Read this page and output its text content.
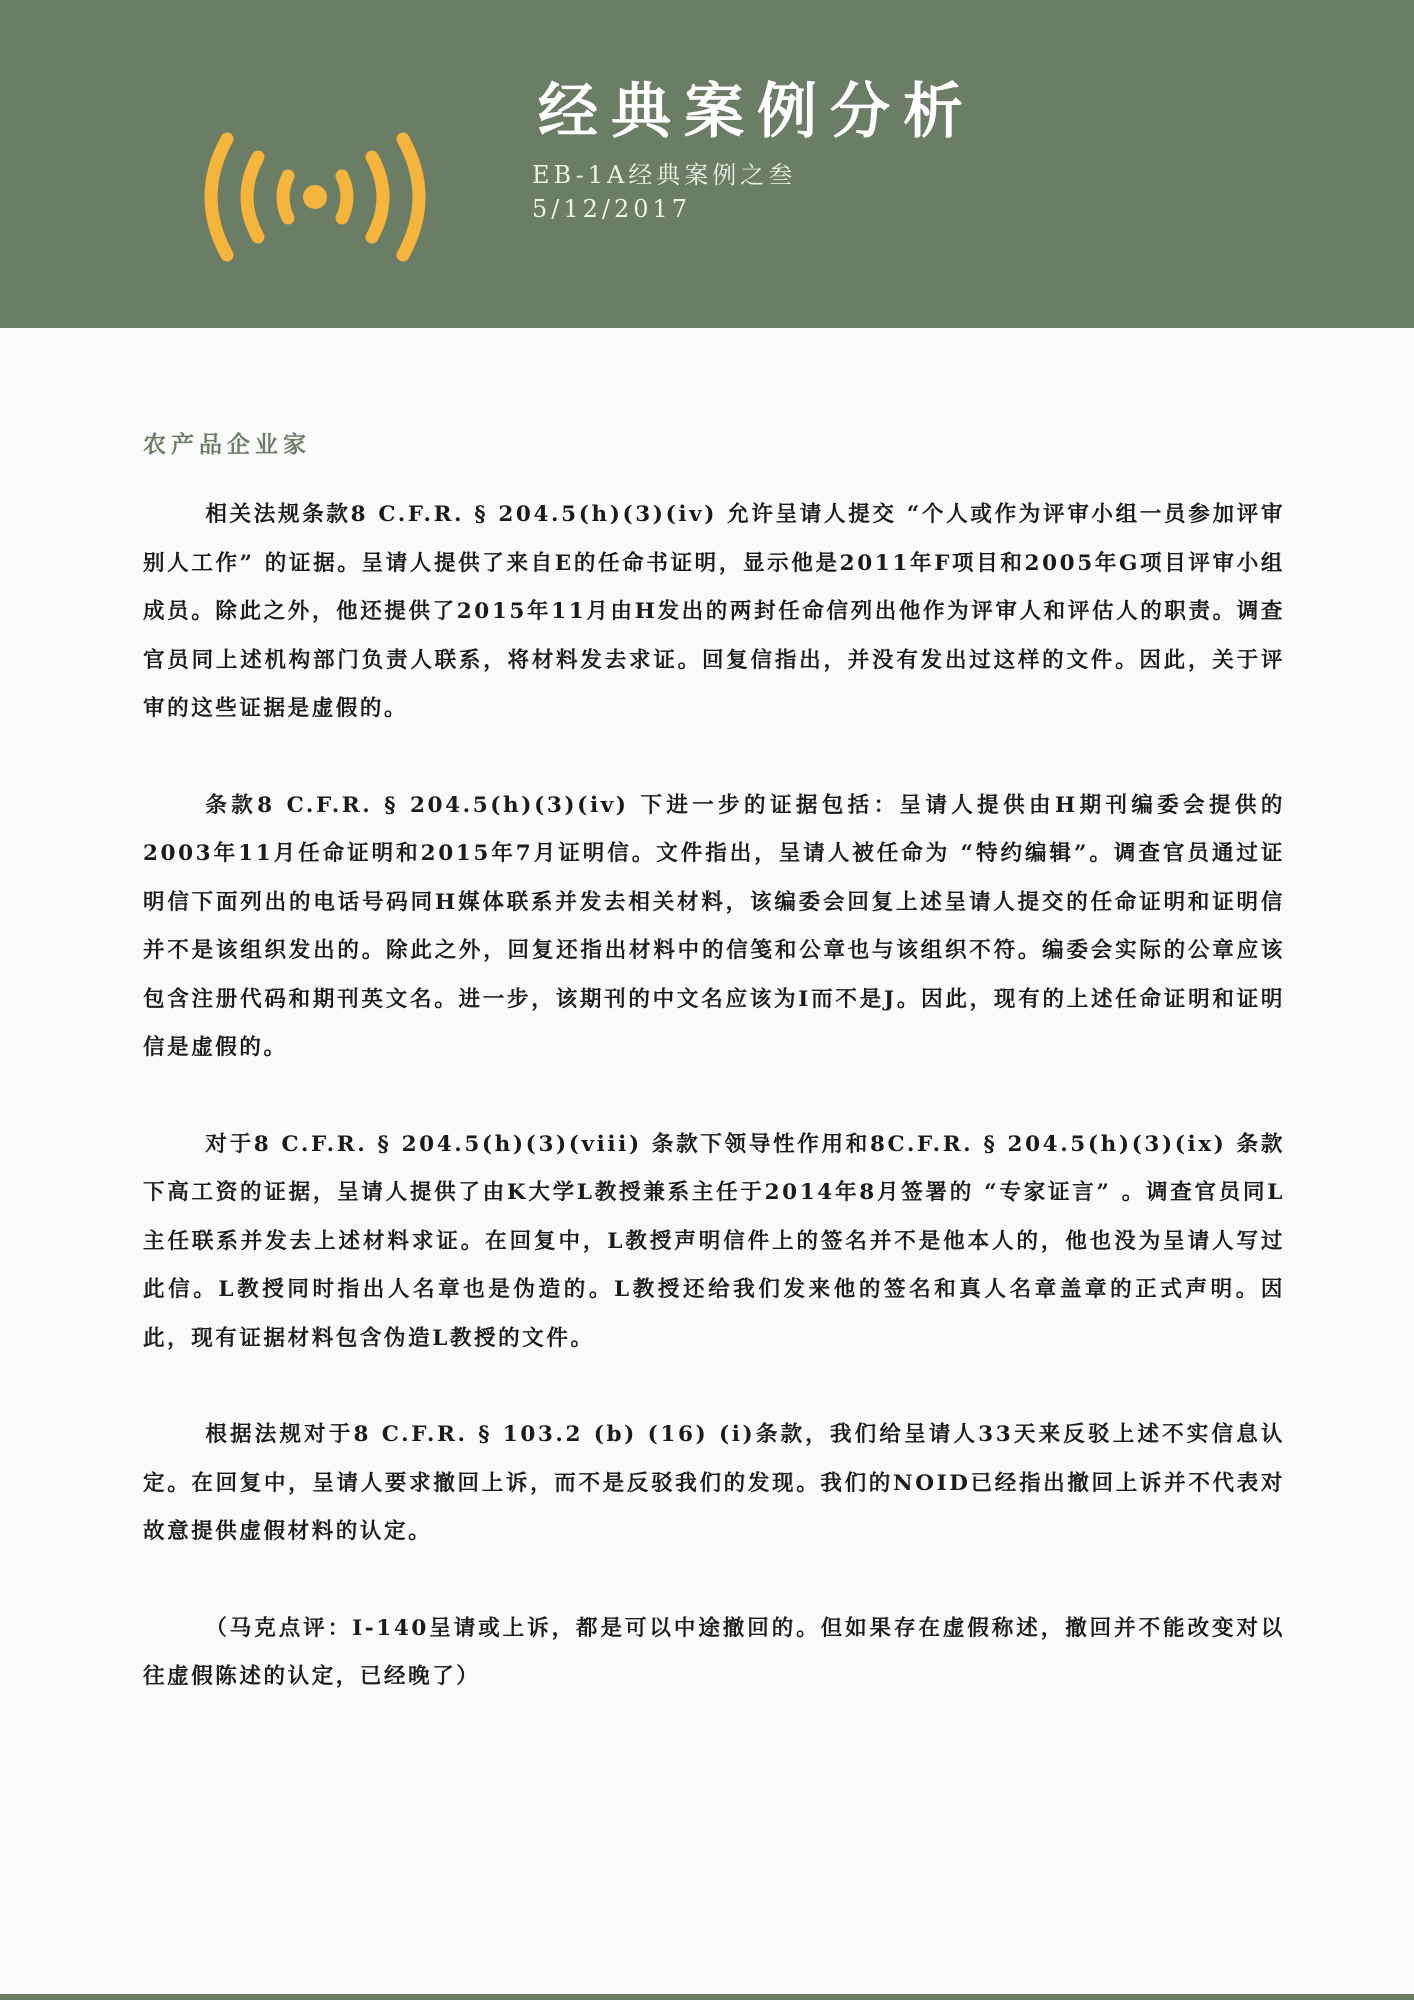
经典案例分析
EB-1A经典案例之叁
5/12/2017
农产品企业家

相关法规条款8 C.F.R. § 204.5(h)(3)(iv) 允许呈请人提交 “个人或作为评审小组一员参加评审别人工作” 的证据。呈请人提供了来自E的任命书证明，显示他是2011年F项目和2005年G项目评审小组成员。除此之外，他还提供了2015年11月由H发出的两封任命信列出他作为评审人和评估人的职责。调查官员同上述机构部门负责人联系，将材料发去求证。回复信指出，并没有发出过这样的文件。因此，关于评审的这些证据是虚假的。

条款8 C.F.R. § 204.5(h)(3)(iv) 下进一步的证据包括：呈请人提供由H期刊编委会提供的2003年11月任命证明和2015年7月证明信。文件指出，呈请人被任命为 “特约编辑”。调查官员通过证明信下面列出的电话号码同H媒体联系并发去相关材料，该编委会回复上述呈请人提交的任命证明和证明信并不是该组织发出的。除此之外，回复还指出材料中的信笺和公章也与该组织不符。编委会实际的公章应该包含注册代码和期刊英文名。进一步，该期刊的中文名应该为I而不是J。因此，现有的上述任命证明和证明信是虚假的。

对于8 C.F.R. § 204.5(h)(3)(viii) 条款下领导性作用和8C.F.R. § 204.5(h)(3)(ix) 条款下高工资的证据，呈请人提供了由K大学L教授兼系主任于2014年8月签署的 “专家证言” 。调查官员同L主任联系并发去上述材料求证。在回复中，L教授声明信件上的签名并不是他本人的，他也没为呈请人写过此信。L教授同时指出人名章也是伪造的。L教授还给我们发来他的签名和真人名章盖章的正式声明。因此，现有证据材料包含伪造L教授的文件。

根据法规对于8 C.F.R. § 103.2 (b) (16) (i)条款，我们给呈请人33天来反驳上述不实信息认定。在回复中，呈请人要求撤回上诉，而不是反驳我们的发现。我们的NOID已经指出撤回上诉并不代表对故意提供虚假材料的认定。

（马克点评：I-140呈请或上诉，都是可以中途撤回的。但如果存在虚假称述，撤回并不能改变对以往虚假陈述的认定，已经晚了）
